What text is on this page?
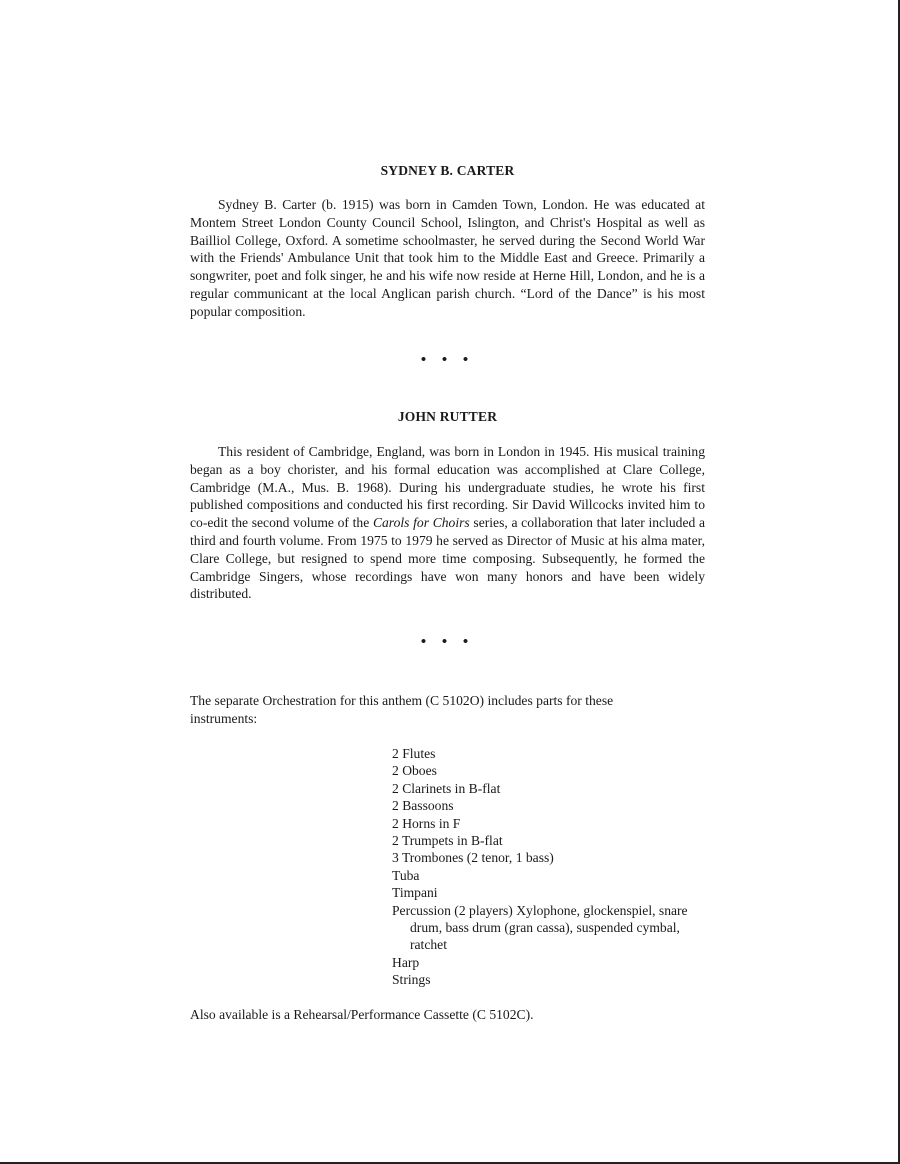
SYDNEY B. CARTER

Sydney B. Carter (b. 1915) was born in Camden Town, London. He was educated at Montem Street London County Council School, Islington, and Christ's Hospital as well as Bailliol College, Oxford. A sometime schoolmaster, he served during the Second World War with the Friends' Ambulance Unit that took him to the Middle East and Greece. Primarily a songwriter, poet and folk singer, he and his wife now reside at Herne Hill, London, and he is a regular communicant at the local Anglican parish church. “Lord of the Dance” is his most popular composition.

• • •
JOHN RUTTER

This resident of Cambridge, England, was born in London in 1945. His musical training began as a boy chorister, and his formal education was accomplished at Clare College, Cambridge (M.A., Mus. B. 1968). During his undergraduate studies, he wrote his first published compositions and conducted his first recording. Sir David Willcocks invited him to co-edit the second volume of the Carols for Choirs series, a collaboration that later included a third and fourth volume. From 1975 to 1979 he served as Director of Music at his alma mater, Clare College, but resigned to spend more time composing. Subsequently, he formed the Cambridge Singers, whose recordings have won many honors and have been widely distributed.

• • •

The separate Orchestration for this anthem (C 5102O) includes parts for these instruments:

2 Flutes
2 Oboes
2 Clarinets in B-flat
2 Bassoons
2 Horns in F
2 Trumpets in B-flat
3 Trombones (2 tenor, 1 bass)
Tuba
Timpani
Percussion (2 players) Xylophone, glockenspiel, snare drum, bass drum (gran cassa), suspended cymbal, ratchet
Harp
Strings

Also available is a Rehearsal/Performance Cassette (C 5102C).
